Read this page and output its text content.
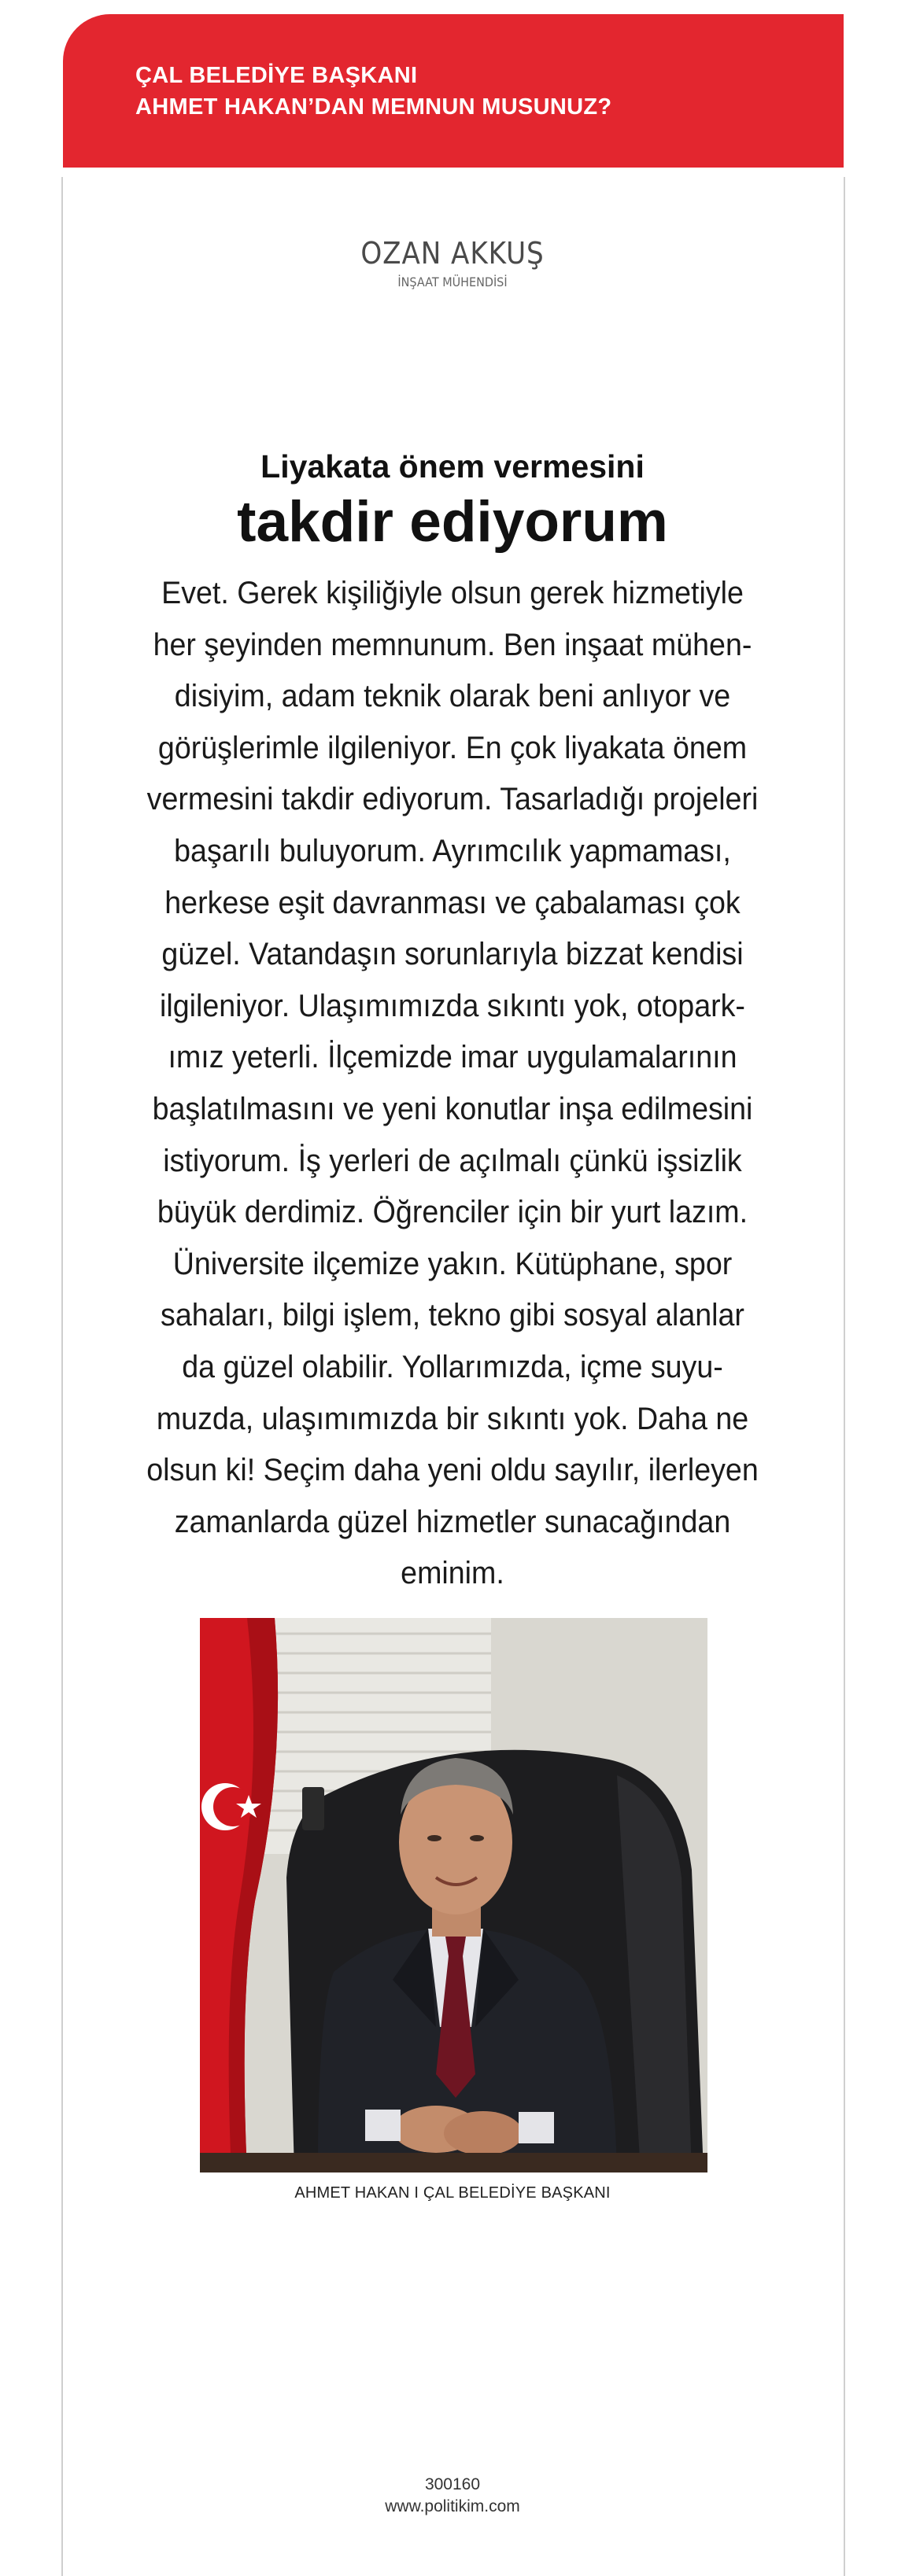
ÇAL BELEDİYE BAŞKANI
AHMET HAKAN’DAN MEMNUN MUSUNUZ?
OZAN AKKUŞ
İNŞAAT MÜHENDİSİ
Liyakata önem vermesini
takdir ediyorum
Evet. Gerek kişiliğiyle olsun gerek hizmetiyle
her şeyinden memnunum. Ben inşaat mühen-
disiyim, adam teknik olarak beni anlıyor ve
görüşlerimle ilgileniyor. En çok liyakata önem
vermesini takdir ediyorum. Tasarladığı projeleri
başarılı buluyorum. Ayrımcılık yapmaması,
herkese eşit davranması ve çabalaması çok
güzel. Vatandaşın sorunlarıyla bizzat kendisi
ilgileniyor. Ulaşımımızda sıkıntı yok, otopark-
ımız yeterli. İlçemizde imar uygulamalarının
başlatılmasını ve yeni konutlar inşa edilmesini
istiyorum. İş yerleri de açılmalı çünkü işsizlik
büyük derdimiz. Öğrenciler için bir yurt lazım.
Üniversite ilçemize yakın. Kütüphane, spor
sahaları, bilgi işlem, tekno gibi sosyal alanlar
da güzel olabilir. Yollarımızda, içme suyu-
muzda, ulaşımımızda bir sıkıntı yok. Daha ne
olsun ki! Seçim daha yeni oldu sayılır, ilerleyen
zamanlarda güzel hizmetler sunacağından
eminim.
AHMET HAKAN I ÇAL BELEDİYE BAŞKANI
300160
www.politikim.com
